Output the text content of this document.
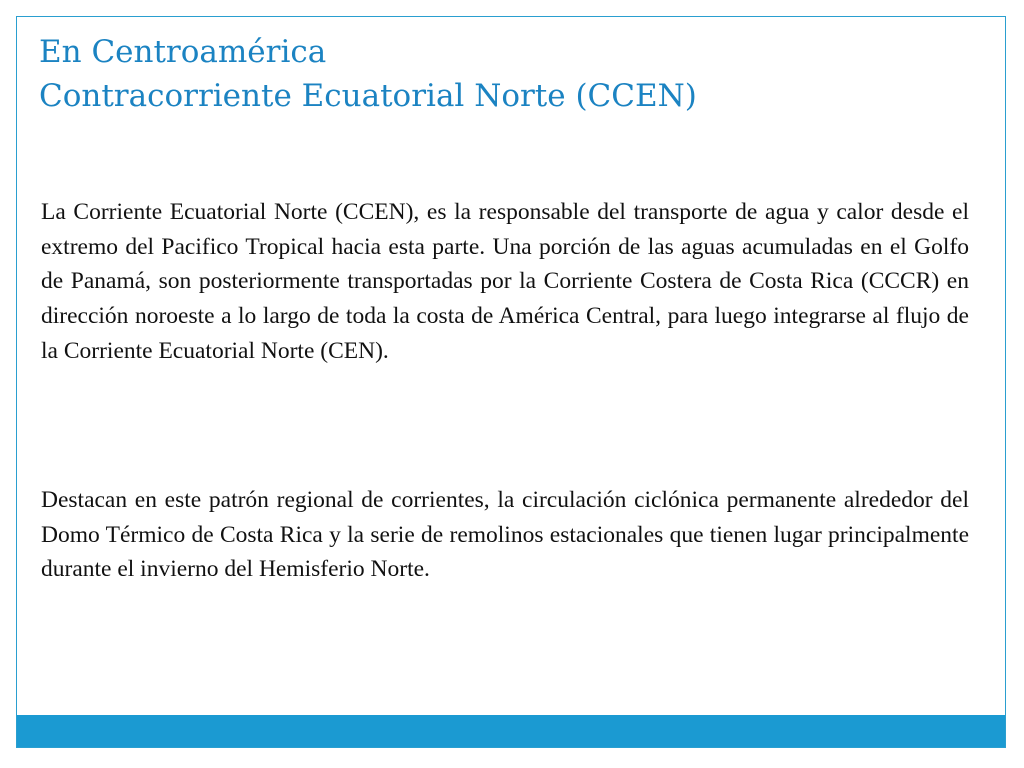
En Centroamérica
Contracorriente Ecuatorial Norte (CCEN)

La Corriente Ecuatorial Norte (CCEN), es la responsable del transporte de agua y calor desde el extremo del Pacifico Tropical hacia esta parte. Una porción de las aguas acumuladas en el Golfo de Panamá, son posteriormente transportadas por la Corriente Costera de Costa Rica (CCCR) en dirección noroeste a lo largo de toda la costa de América Central, para luego integrarse al flujo de la Corriente Ecuatorial Norte (CEN).

Destacan en este patrón regional de corrientes, la circulación ciclónica permanente alrededor del Domo Térmico de Costa Rica y la serie de remolinos estacionales que tienen lugar principalmente durante el invierno del Hemisferio Norte.
